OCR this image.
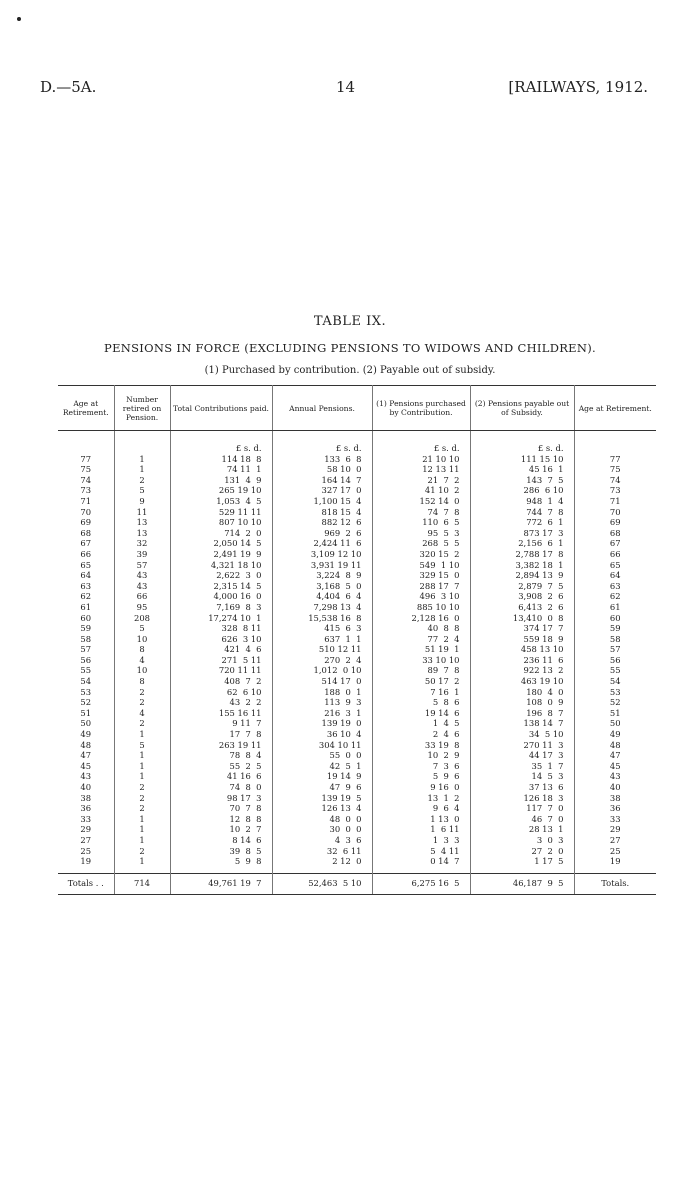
D.—5A.	14	[RAILWAYS, 1912.
TABLE IX.
PENSIONS IN FORCE (EXCLUDING PENSIONS TO WIDOWS AND CHILDREN).
(1) Purchased by contribution. (2) Payable out of subsidy.
Age at Retirement.	Number retired on Pension.	Total Contributions paid.	Annual Pensions.	(1) Pensions purchased by Contribution.	(2) Pensions payable out of Subsidy.	Age at Retirement.
		£ s. d.	£ s. d.	£ s. d.	£ s. d.	
77	1	114 18  8	133  6  8	21 10 10	111 15 10	77
75	1	74 11  1	58 10  0	12 13 11	45 16  1	75
74	2	131  4  9	164 14  7	21  7  2	143  7  5	74
73	5	265 19 10	327 17  0	41 10  2	286  6 10	73
71	9	1,053  4  5	1,100 15  4	152 14  0	948  1  4	71
70	11	529 11 11	818 15  4	74  7  8	744  7  8	70
69	13	807 10 10	882 12  6	110  6  5	772  6  1	69
68	13	714  2  0	969  2  6	95  5  3	873 17  3	68
67	32	2,050 14  5	2,424 11  6	268  5  5	2,156  6  1	67
66	39	2,491 19  9	3,109 12 10	320 15  2	2,788 17  8	66
65	57	4,321 18 10	3,931 19 11	549  1 10	3,382 18  1	65
64	43	2,622  3  0	3,224  8  9	329 15  0	2,894 13  9	64
63	43	2,315 14  5	3,168  5  0	288 17  7	2,879  7  5	63
62	66	4,000 16  0	4,404  6  4	496  3 10	3,908  2  6	62
61	95	7,169  8  3	7,298 13  4	885 10 10	6,413  2  6	61
60	208	17,274 10  1	15,538 16  8	2,128 16  0	13,410  0  8	60
59	5	328  8 11	415  6  3	40  8  8	374 17  7	59
58	10	626  3 10	637  1  1	77  2  4	559 18  9	58
57	8	421  4  6	510 12 11	51 19  1	458 13 10	57
56	4	271  5 11	270  2  4	33 10 10	236 11  6	56
55	10	720 11 11	1,012  0 10	89  7  8	922 13  2	55
54	8	408  7  2	514 17  0	50 17  2	463 19 10	54
53	2	62  6 10	188  0  1	7 16  1	180  4  0	53
52	2	43  2  2	113  9  3	5  8  6	108  0  9	52
51	4	155 16 11	216  3  1	19 14  6	196  8  7	51
50	2	9 11  7	139 19  0	1  4  5	138 14  7	50
49	1	17  7  8	36 10  4	2  4  6	34  5 10	49
48	5	263 19 11	304 10 11	33 19  8	270 11  3	48
47	1	78  8  4	55  0  0	10  2  9	44 17  3	47
45	1	55  2  5	42  5  1	7  3  6	35  1  7	45
43	1	41 16  6	19 14  9	5  9  6	14  5  3	43
40	2	74  8  0	47  9  6	9 16  0	37 13  6	40
38	2	98 17  3	139 19  5	13  1  2	126 18  3	38
36	2	70  7  8	126 13  4	9  6  4	117  7  0	36
33	1	12  8  8	48  0  0	1 13  0	46  7  0	33
29	1	10  2  7	30  0  0	1  6 11	28 13  1	29
27	1	8 14  6	4  3  6	1  3  3	3  0  3	27
25	2	39  8  5	32  6 11	5  4 11	27  2  0	25
19	1	5  9  8	2 12  0	0 14  7	1 17  5	19
Totals . .	714	49,761 19  7	52,463  5 10	6,275 16  5	46,187  9  5	Totals.
